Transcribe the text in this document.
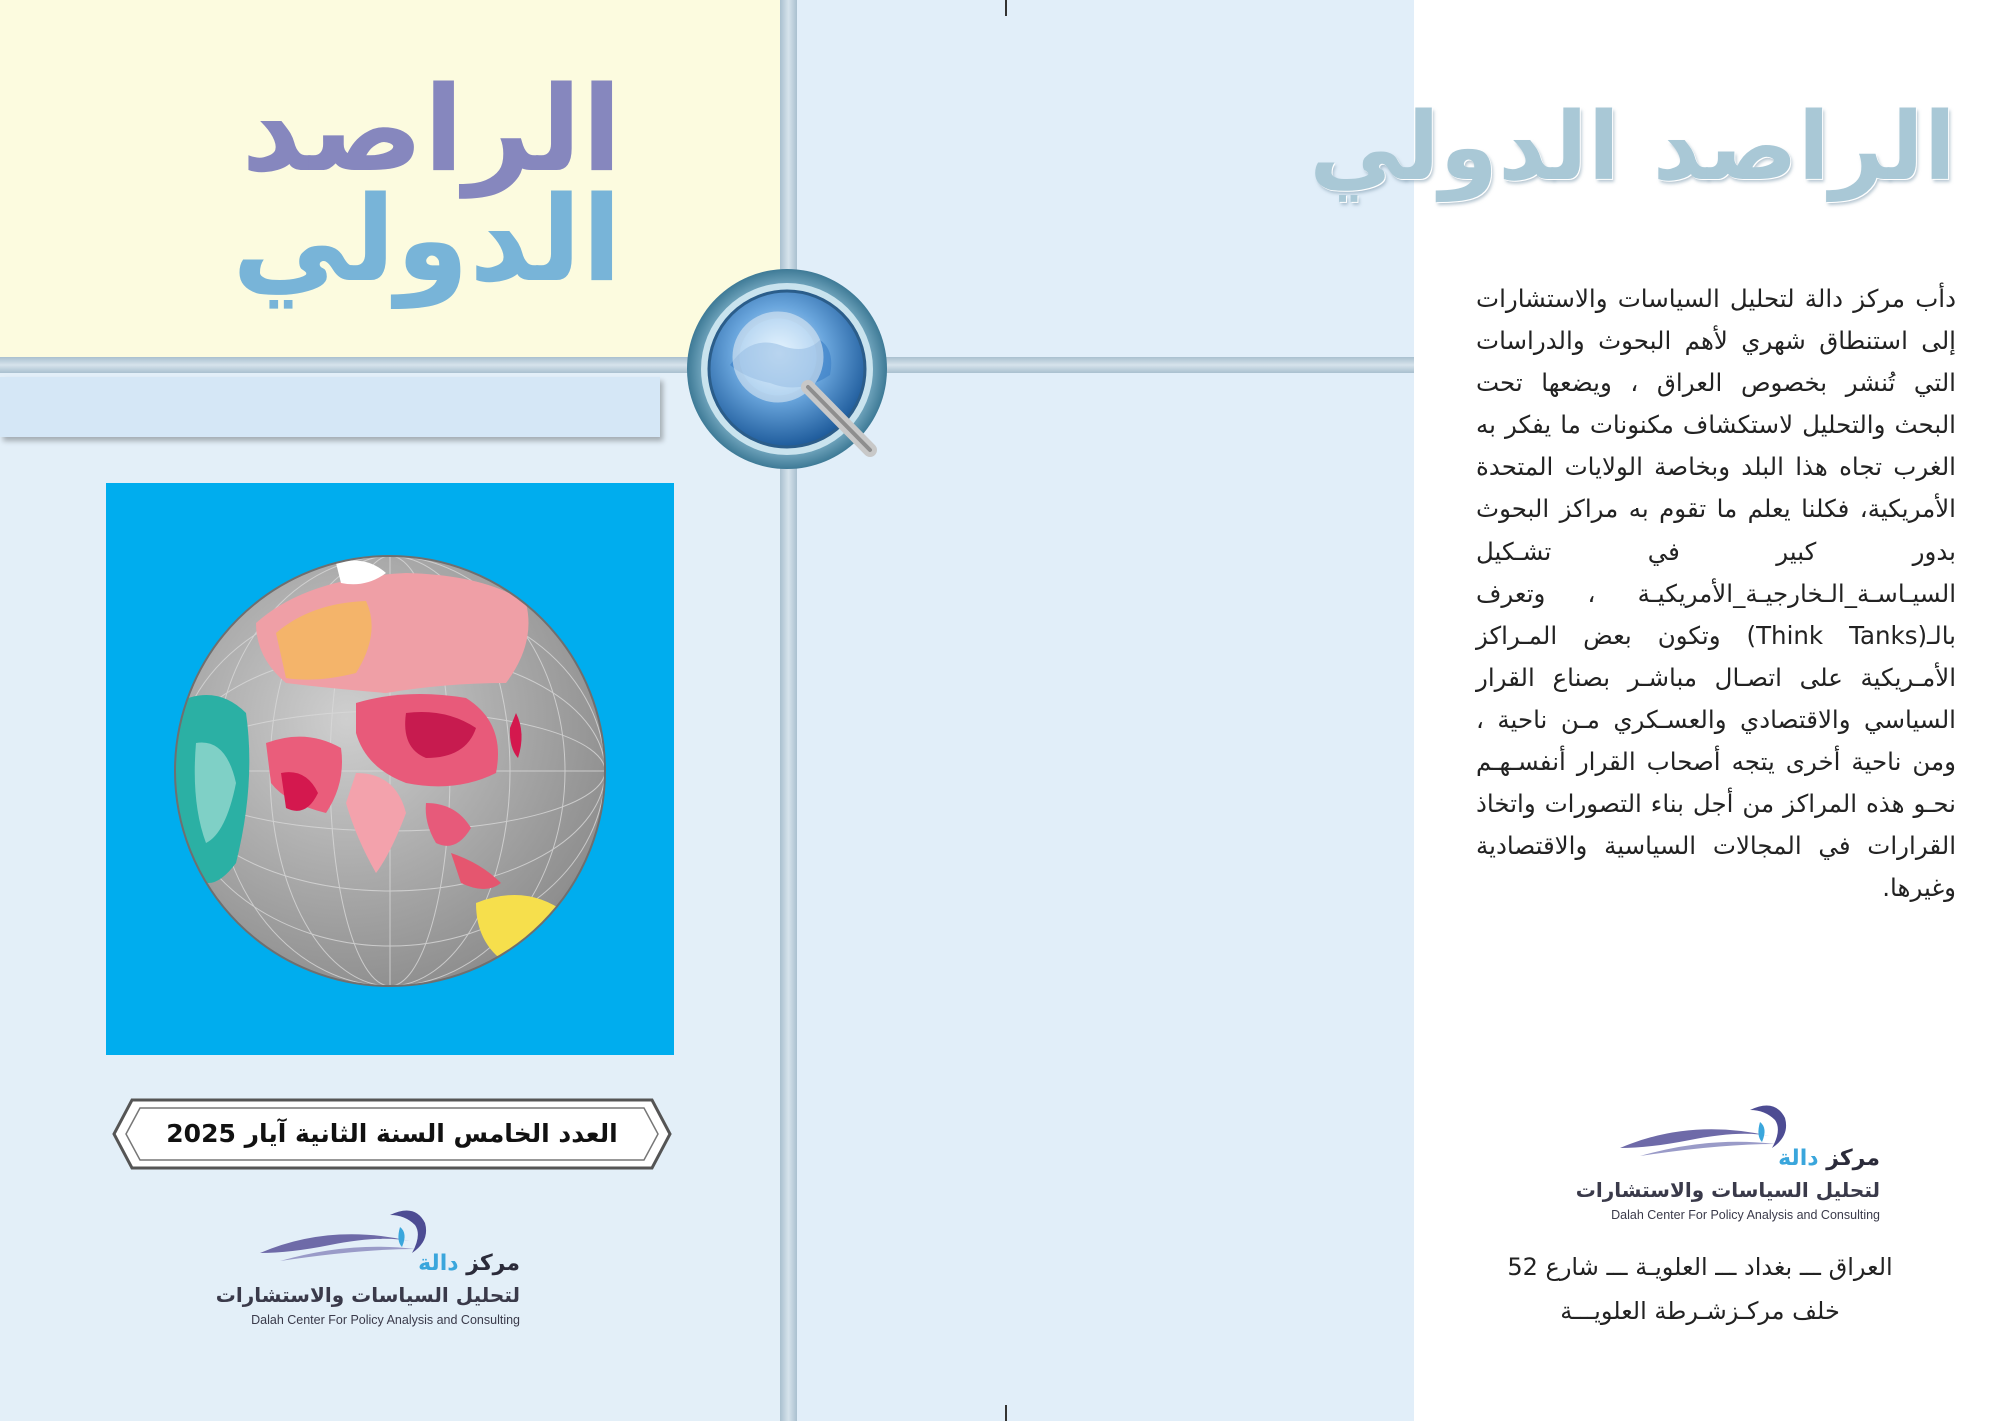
الراصد
الدولي
العدد الخامس السنة الثانية آيار 2025
مركز دالة
لتحليل السياسات والاستشارات
Dalah Center For Policy Analysis and Consulting
الراصد الدولي
دأب مركز دالة لتحليل السياسات والاستشارات إلى استنطاق شهري لأهم البحوث والدراسات التي تُنشر بخصوص العراق ، ويضعها تحت البحث والتحليل لاستكشاف مكنونات ما يفكر به الغرب تجاه هذا البلد وبخاصة الولايات المتحدة الأمريكية، فكلنا يعلم ما تقوم به مراكز البحوث بدور كبير في تشـكيل السيـاسـة_الـخارجيـة_الأمريكيـة ، وتعرف بالـ(Think Tanks) وتكون بعض المـراكز الأمـريكية على اتصـال مباشـر بصناع القرار السياسي والاقتصادي والعسـكري مـن ناحية ، ومن ناحية أخرى يتجه أصحاب القرار أنفسـهـم نحـو هذه المراكز من أجل بناء التصورات واتخاذ القرارات في المجالات السياسية والاقتصادية وغيرها.
مركز دالة
لتحليل السياسات والاستشارات
Dalah Center For Policy Analysis and Consulting
العراق ـــ بغداد ـــ العلويـة ـــ شارع 52
خلف مركـزشـرطة العلويـــة
